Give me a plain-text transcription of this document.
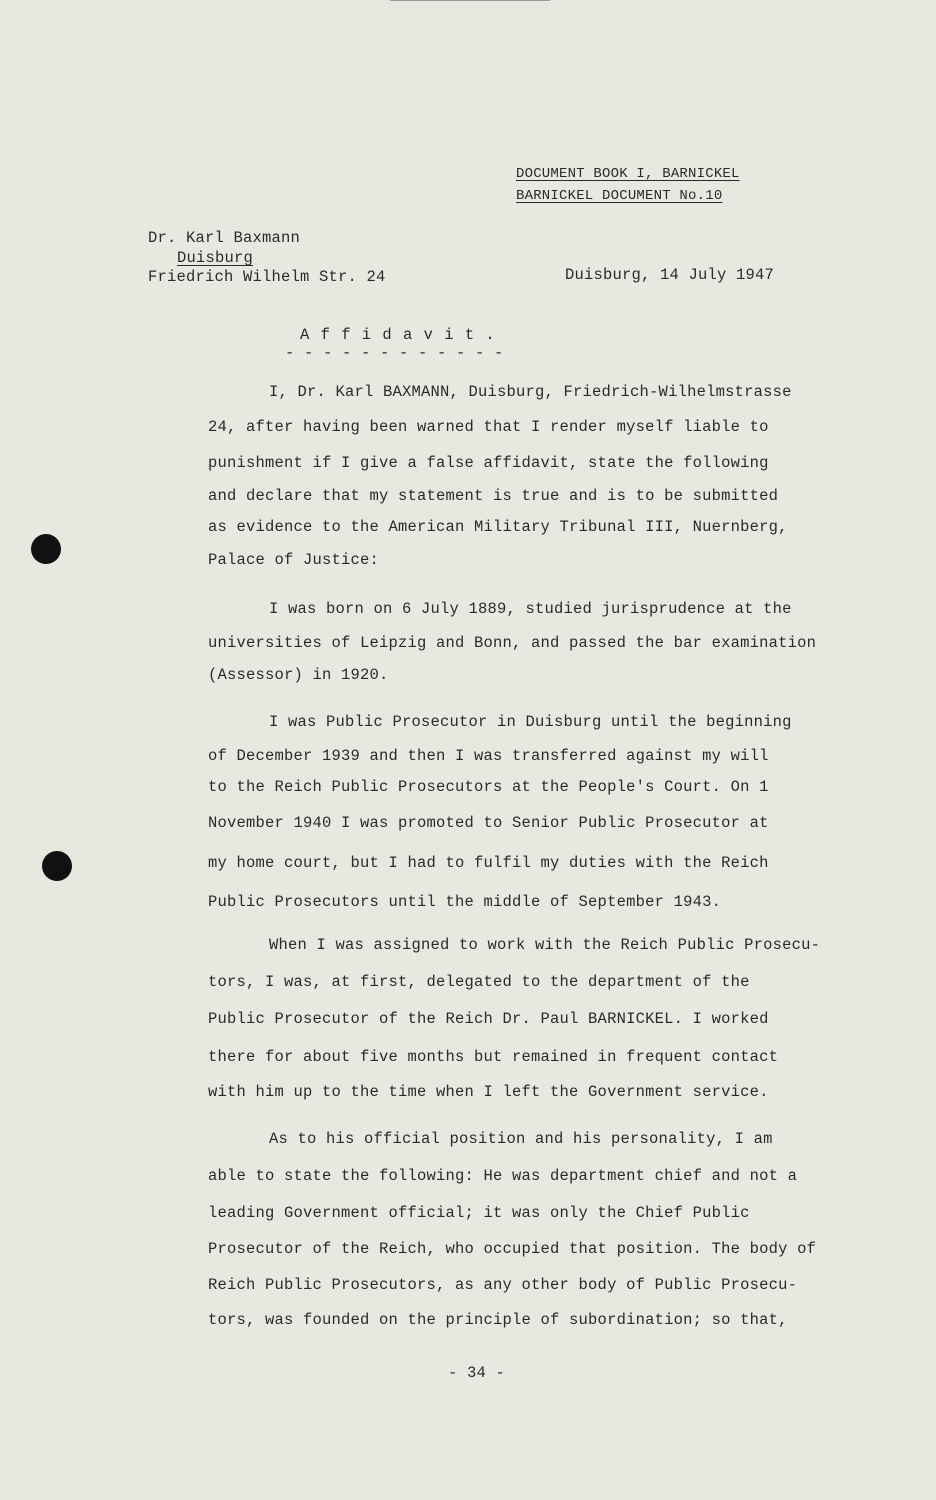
DOCUMENT BOOK I, BARNICKEL
BARNICKEL DOCUMENT No.10
Dr. Karl Baxmann
Duisburg
Friedrich Wilhelm Str. 24	Duisburg, 14 July 1947
A f f i d a v i t .
- - - - - - - - - - - -
I, Dr. Karl BAXMANN, Duisburg, Friedrich-Wilhelmstrasse
24, after having been warned that I render myself liable to
punishment if I give a false affidavit, state the following
and declare that my statement is true and is to be submitted
as evidence to the American Military Tribunal III, Nuernberg,
Palace of Justice:
I was born on 6 July 1889, studied jurisprudence at the
universities of Leipzig and Bonn, and passed the bar examination
(Assessor) in 1920.
I was Public Prosecutor in Duisburg until the beginning
of December 1939 and then I was transferred against my will
to the Reich Public Prosecutors at the People's Court. On 1
November 1940 I was promoted to Senior Public Prosecutor at
my home court, but I had to fulfil my duties with the Reich
Public Prosecutors until the middle of September 1943.
When I was assigned to work with the Reich Public Prosecu-
tors, I was, at first, delegated to the department of the
Public Prosecutor of the Reich Dr. Paul BARNICKEL. I worked
there for about five months but remained in frequent contact
with him up to the time when I left the Government service.
As to his official position and his personality, I am
able to state the following: He was department chief and not a
leading Government official; it was only the Chief Public
Prosecutor of the Reich, who occupied that position. The body of
Reich Public Prosecutors, as any other body of Public Prosecu-
tors, was founded on the principle of subordination; so that,
- 34 -
